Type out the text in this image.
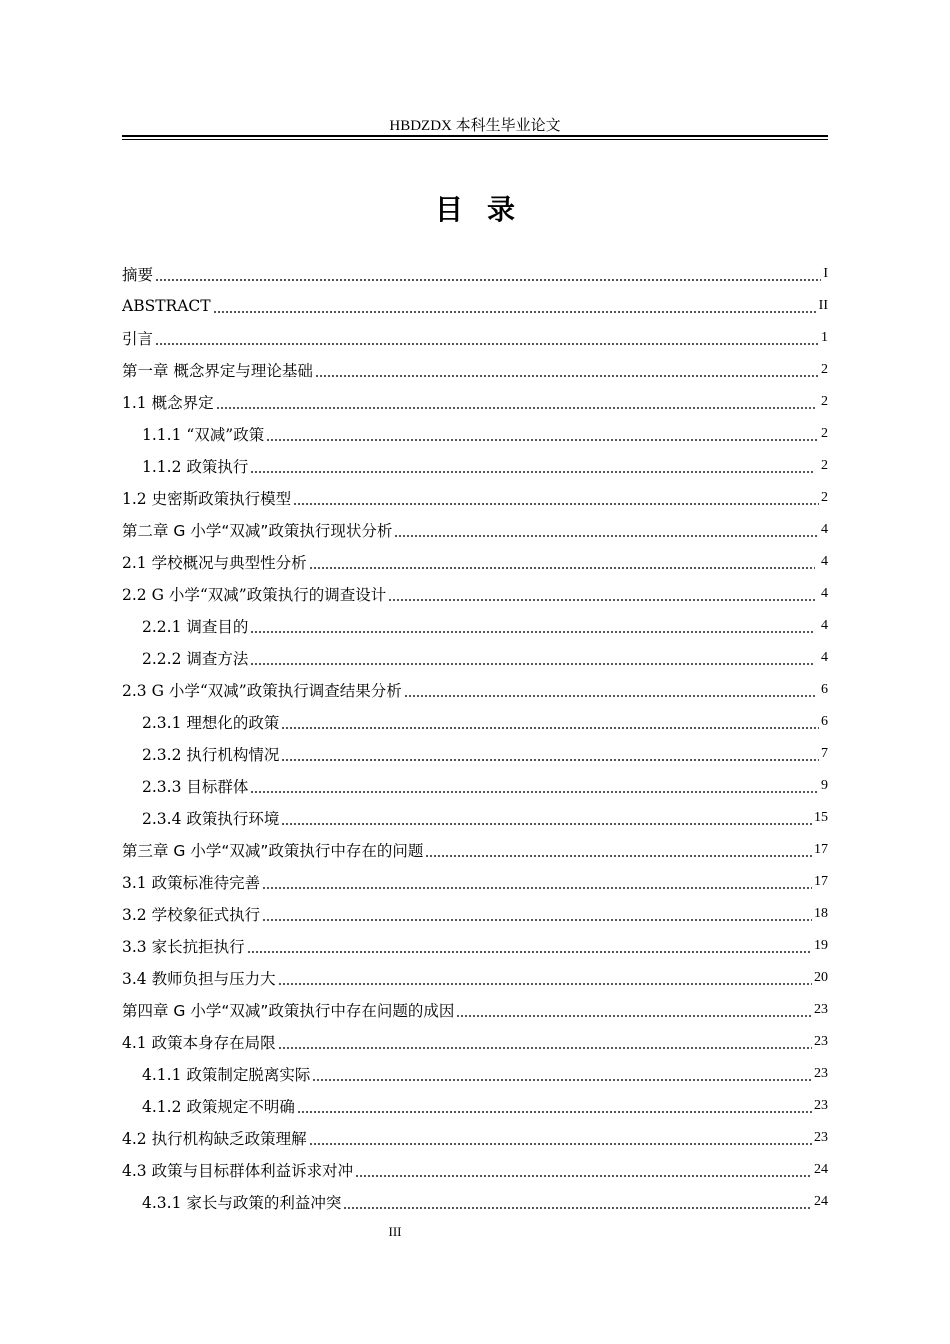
HBDZDX 本科生毕业论文
目录
摘要	I
ABSTRACT	II
引言	1
第一章 概念界定与理论基础	2
1.1 概念界定	2
1.1.1 “双减”政策	2
1.1.2 政策执行	2
1.2 史密斯政策执行模型	2
第二章 G 小学“双减”政策执行现状分析	4
2.1 学校概况与典型性分析	4
2.2 G 小学“双减”政策执行的调查设计	4
2.2.1 调查目的	4
2.2.2 调查方法	4
2.3 G 小学“双减”政策执行调查结果分析	6
2.3.1 理想化的政策	6
2.3.2 执行机构情况	7
2.3.3 目标群体	9
2.3.4 政策执行环境	15
第三章 G 小学“双减”政策执行中存在的问题	17
3.1 政策标准待完善	17
3.2 学校象征式执行	18
3.3 家长抗拒执行	19
3.4 教师负担与压力大	20
第四章 G 小学“双减”政策执行中存在问题的成因	23
4.1 政策本身存在局限	23
4.1.1 政策制定脱离实际	23
4.1.2 政策规定不明确	23
4.2 执行机构缺乏政策理解	23
4.3 政策与目标群体利益诉求对冲	24
4.3.1 家长与政策的利益冲突	24
III
